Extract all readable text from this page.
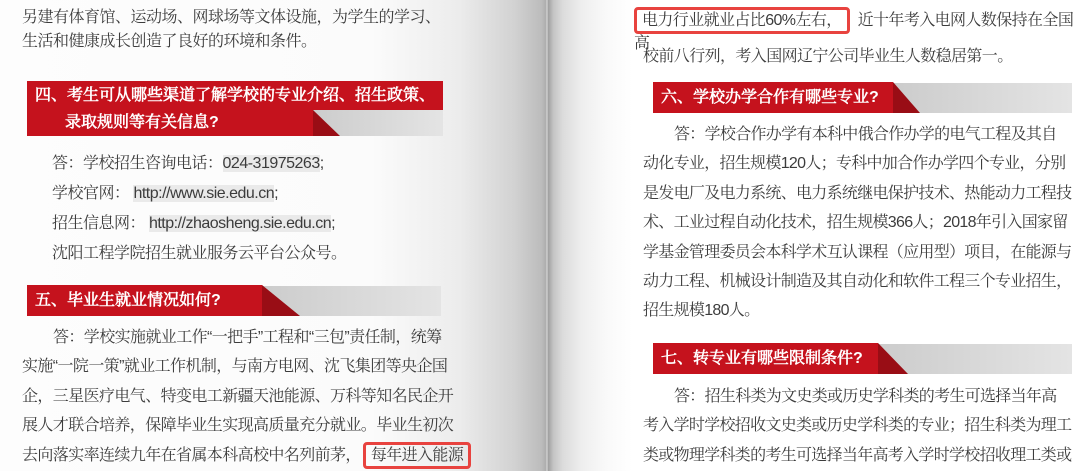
另建有体育馆、运动场、网球场等文体设施，为学生的学习、
生活和健康成长创造了良好的环境和条件。
四、考生可从哪些渠道了解学校的专业介绍、招生政策、
录取规则等有关信息?
答：学校招生咨询电话：024-31975263;
学校官网： http://www.sie.edu.cn;
招生信息网： http://zhaosheng.sie.edu.cn;
沈阳工程学院招生就业服务云平台公众号。
五、毕业生就业情况如何?
答：学校实施就业工作“一把手”工程和“三包”责任制，统筹
实施“一院一策”就业工作机制，与南方电网、沈飞集团等央企国
企，三星医疗电气、特变电工新疆天池能源、万科等知名民企开
展人才联合培养，保障毕业生实现高质量充分就业。毕业生初次
去向落实率连续九年在省属本科高校中名列前茅， 每年进入能源
电力行业就业占比60%左右， 近十年考入电网人数保持在全国高
校前八行列，考入国网辽宁公司毕业生人数稳居第一。
六、学校办学合作有哪些专业?
答：学校合作办学有本科中俄合作办学的电气工程及其自
动化专业，招生规模120人；专科中加合作办学四个专业，分别
是发电厂及电力系统、电力系统继电保护技术、热能动力工程技
术、工业过程自动化技术，招生规模366人；2018年引入国家留
学基金管理委员会本科学术互认课程（应用型）项目，在能源与
动力工程、机械设计制造及其自动化和软件工程三个专业招生，
招生规模180人。
七、转专业有哪些限制条件?
答：招生科类为文史类或历史学科类的考生可选择当年高
考入学时学校招收文史类或历史学科类的专业；招生科类为理工
类或物理学科类的考生可选择当年高考入学时学校招收理工类或
